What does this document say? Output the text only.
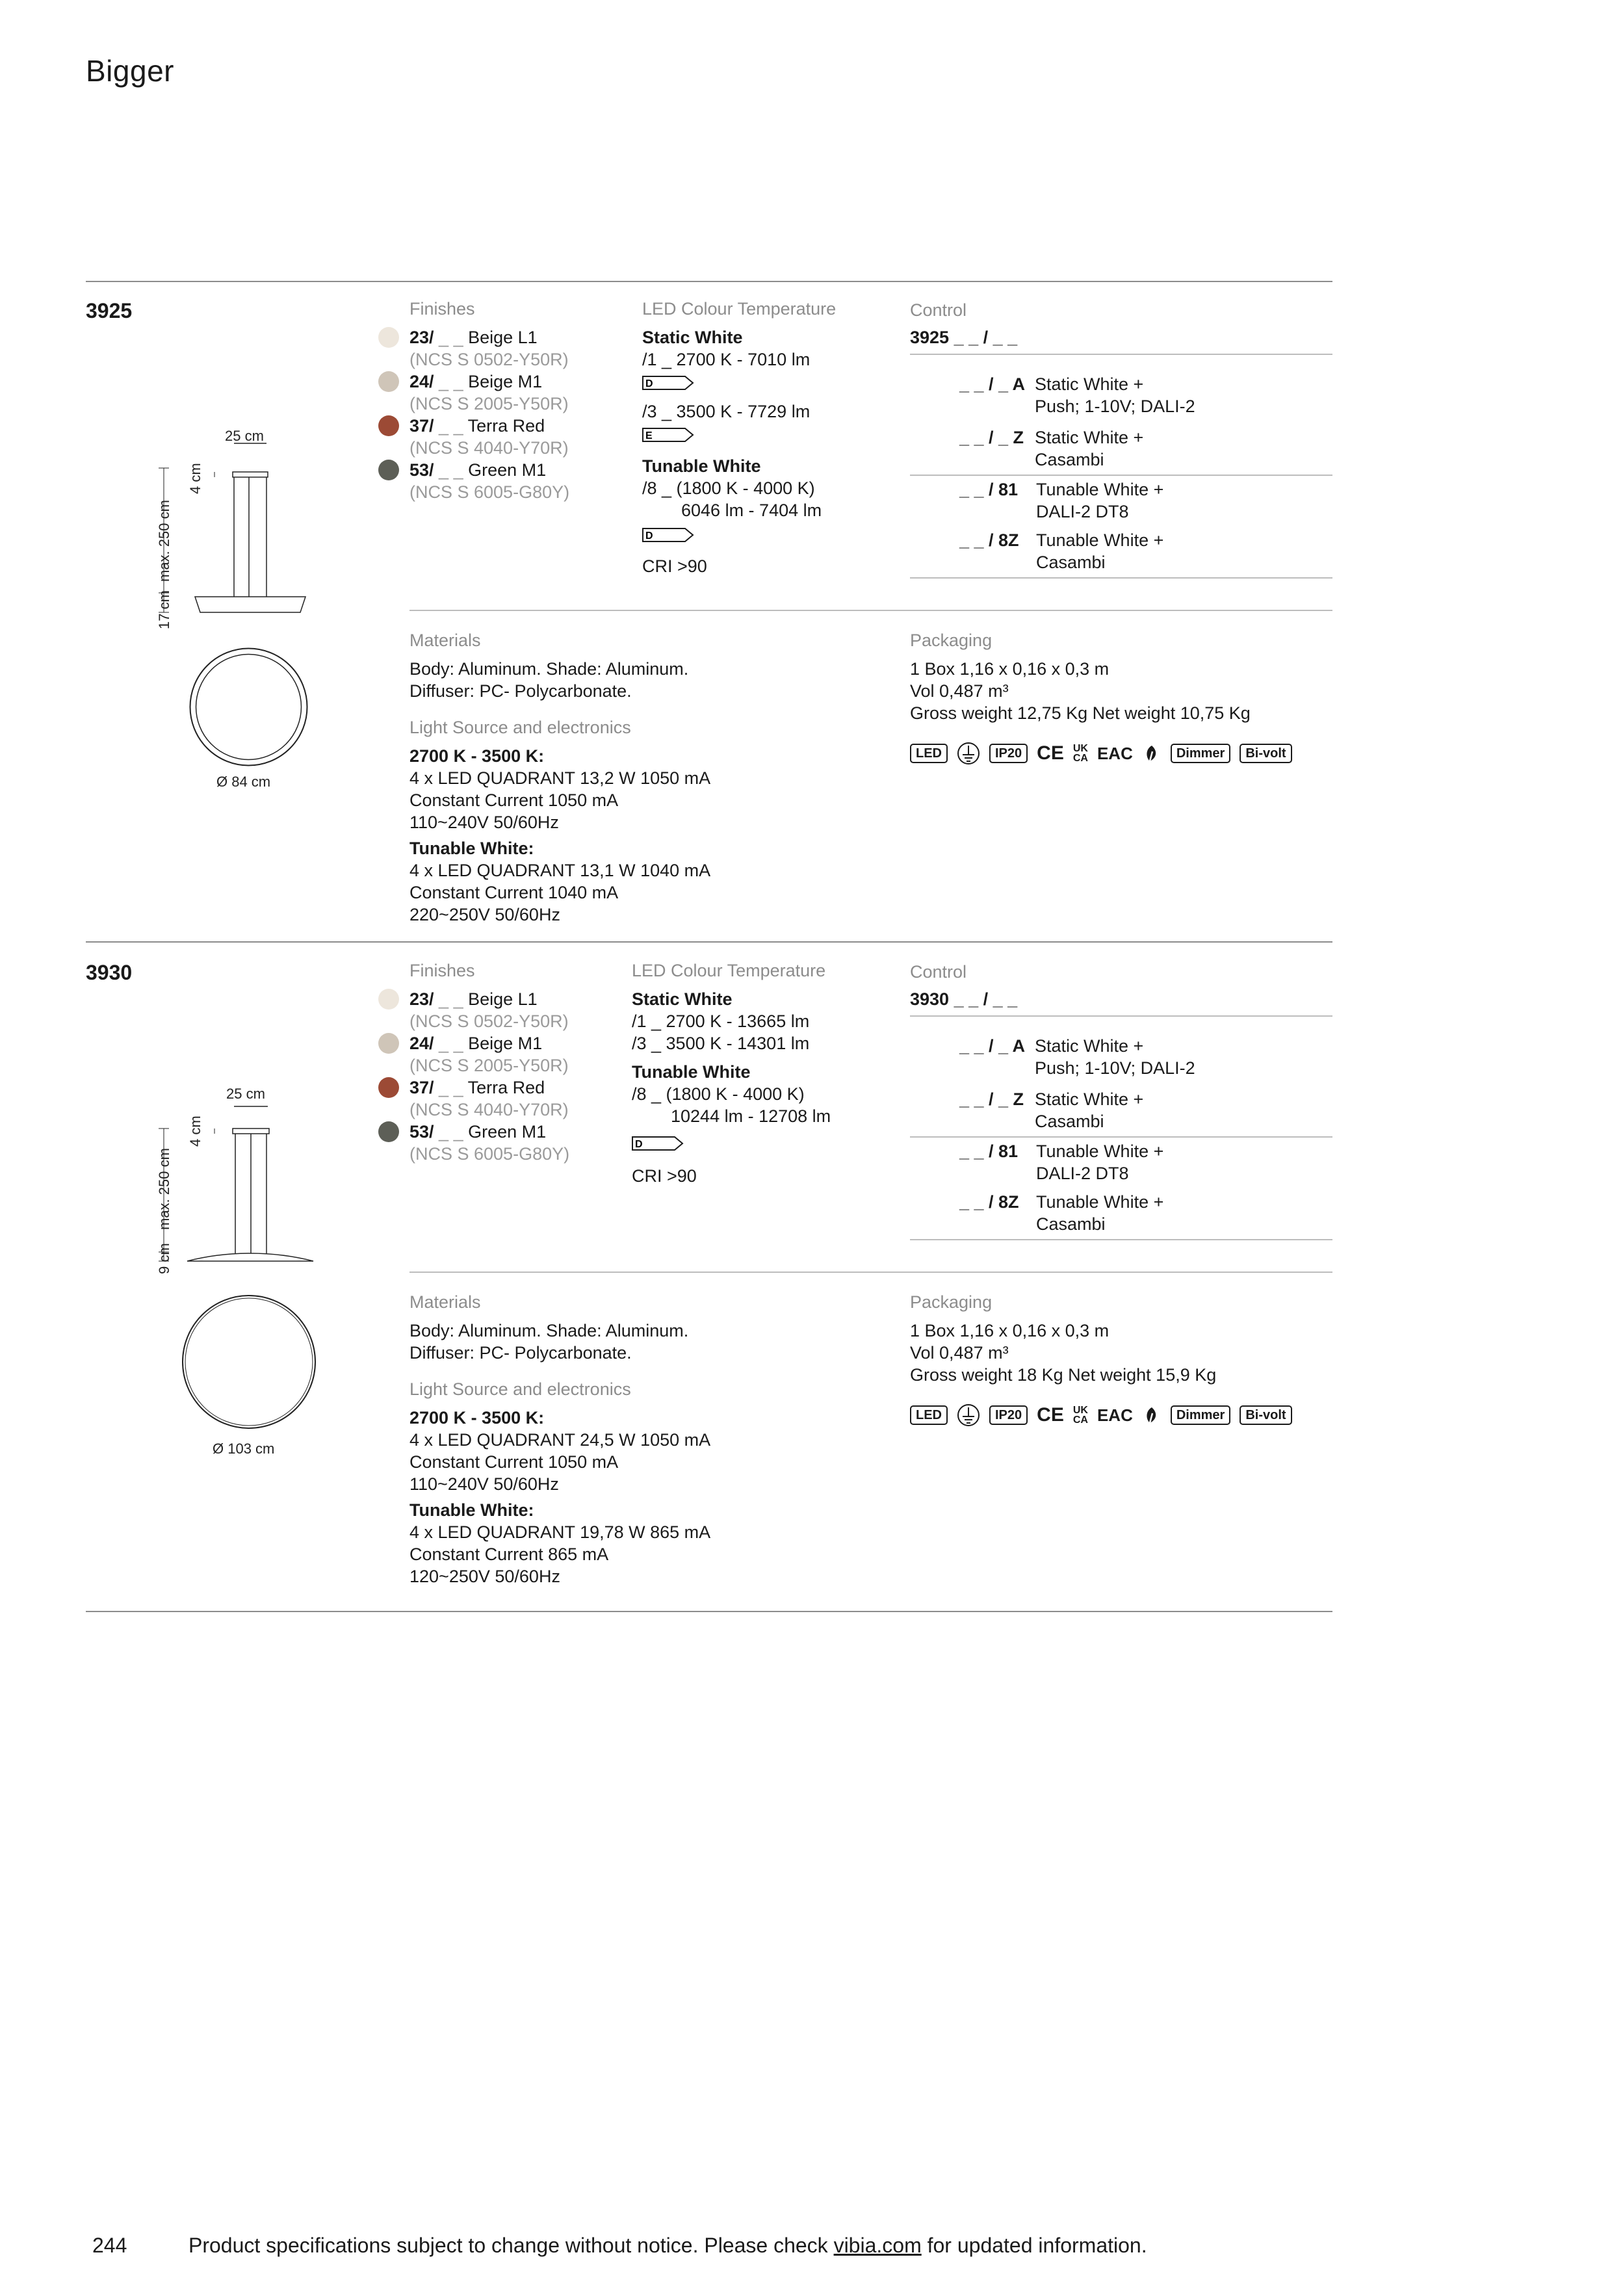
Bigger
3925
25 cm
4 cm
max. 250 cm
17 cm
Ø 84 cm
Finishes
23/ _ _ Beige L1
(NCS S 0502-Y50R)
24/ _ _ Beige M1
(NCS S 2005-Y50R)
37/ _ _ Terra Red
(NCS S 4040-Y70R)
53/ _ _ Green M1
(NCS S 6005-G80Y)
LED Colour Temperature
Static White
/1 _ 2700 K - 7010 lm
D
/3 _ 3500 K - 7729 lm
E
Tunable White
/8 _ (1800 K - 4000 K)
6046 lm - 7404 lm
D
CRI >90
Control
3925 _ _ / _ _
_ _ / _ A Static White +
Push; 1-10V; DALI-2
_ _ / _ Z Static White +
Casambi
_ _ / 81 Tunable White +
DALI-2 DT8
_ _ / 8Z Tunable White +
Casambi
Materials
Body: Aluminum. Shade: Aluminum.
Diffuser: PC- Polycarbonate.
Light Source and electronics
2700 K - 3500 K:
4 x LED QUADRANT 13,2 W 1050 mA
Constant Current 1050 mA
110~240V 50/60Hz
Tunable White:
4 x LED QUADRANT 13,1 W 1040 mA
Constant Current 1040 mA
220~250V 50/60Hz
Packaging
1 Box 1,16 x 0,16 x 0,3 m
Vol 0,487 m³
Gross weight 12,75 Kg Net weight 10,75 Kg
LED	IP20 CE UK
CA EAC	Dimmer	Bi-volt
3930
25 cm
4 cm
max. 250 cm
9 cm
Ø 103 cm
Finishes
23/ _ _ Beige L1
(NCS S 0502-Y50R)
24/ _ _ Beige M1
(NCS S 2005-Y50R)
37/ _ _ Terra Red
(NCS S 4040-Y70R)
53/ _ _ Green M1
(NCS S 6005-G80Y)
LED Colour Temperature
Static White
/1 _ 2700 K - 13665 lm
/3 _ 3500 K - 14301 lm
Tunable White
/8 _ (1800 K - 4000 K)
10244 lm - 12708 lm
D
CRI >90
Control
3930 _ _ / _ _
_ _ / _ A Static White +
Push; 1-10V; DALI-2
_ _ / _ Z Static White +
Casambi
_ _ / 81 Tunable White +
DALI-2 DT8
_ _ / 8Z Tunable White +
Casambi
Materials
Body: Aluminum. Shade: Aluminum.
Diffuser: PC- Polycarbonate.
Light Source and electronics
2700 K - 3500 K:
4 x LED QUADRANT 24,5 W 1050 mA
Constant Current 1050 mA
110~240V 50/60Hz
Tunable White:
4 x LED QUADRANT 19,78 W 865 mA
Constant Current 865 mA
120~250V 50/60Hz
Packaging
1 Box 1,16 x 0,16 x 0,3 m
Vol 0,487 m³
Gross weight 18 Kg Net weight 15,9 Kg
LED	IP20 CE UK
CA EAC	Dimmer	Bi-volt
244	Product specifications subject to change without notice. Please check vibia.com for updated information.
